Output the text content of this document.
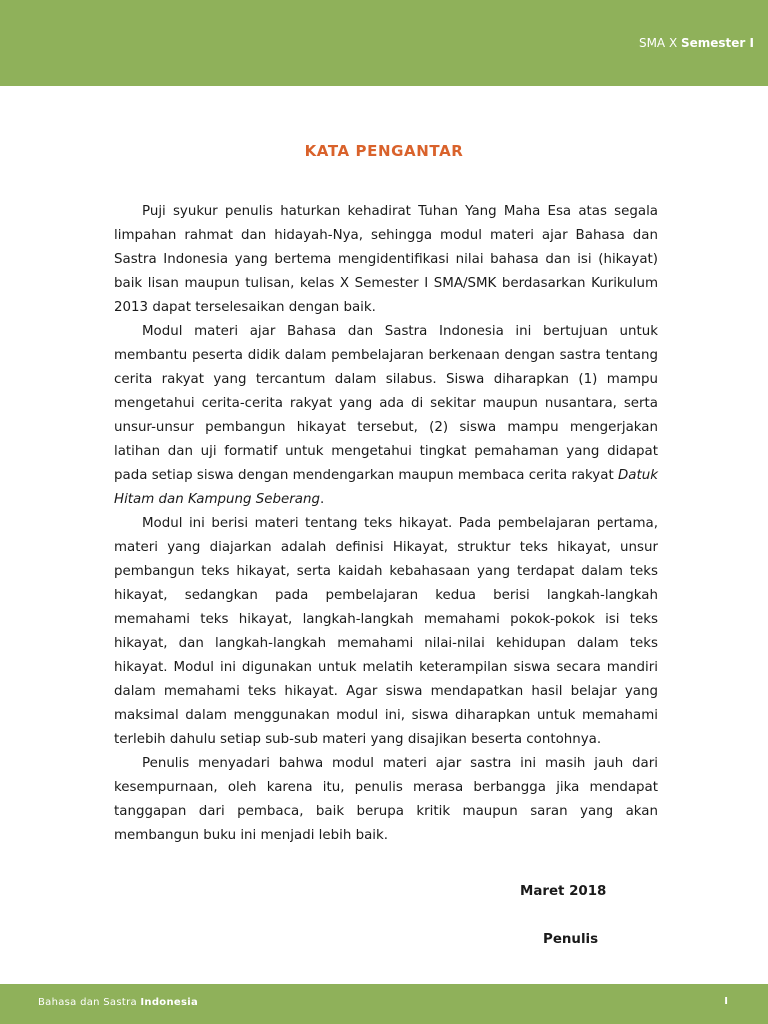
SMA X Semester I
KATA PENGANTAR

Puji syukur penulis haturkan kehadirat Tuhan Yang Maha Esa atas segala limpahan rahmat dan hidayah-Nya, sehingga modul materi ajar Bahasa dan Sastra Indonesia yang bertema mengidentifikasi nilai bahasa dan isi (hikayat) baik lisan maupun tulisan, kelas X Semester I SMA/SMK berdasarkan Kurikulum 2013 dapat terselesaikan dengan baik.

Modul materi ajar Bahasa dan Sastra Indonesia ini bertujuan untuk membantu peserta didik dalam pembelajaran berkenaan dengan sastra tentang cerita rakyat yang tercantum dalam silabus. Siswa diharapkan (1) mampu mengetahui cerita-cerita rakyat yang ada di sekitar maupun nusantara, serta unsur-unsur pembangun hikayat tersebut, (2) siswa mampu mengerjakan latihan dan uji formatif untuk mengetahui tingkat pemahaman yang didapat pada setiap siswa dengan mendengarkan maupun membaca cerita rakyat Datuk Hitam dan Kampung Seberang.

Modul ini berisi materi tentang teks hikayat. Pada pembelajaran pertama, materi yang diajarkan adalah definisi Hikayat, struktur teks hikayat, unsur pembangun teks hikayat, serta kaidah kebahasaan yang terdapat dalam teks hikayat, sedangkan pada pembelajaran kedua berisi langkah-langkah memahami teks hikayat, langkah-langkah memahami pokok-pokok isi teks hikayat, dan langkah-langkah memahami nilai-nilai kehidupan dalam teks hikayat. Modul ini digunakan untuk melatih keterampilan siswa secara mandiri dalam memahami teks hikayat. Agar siswa mendapatkan hasil belajar yang maksimal dalam menggunakan modul ini, siswa diharapkan untuk memahami terlebih dahulu setiap sub-sub materi yang disajikan beserta contohnya.

Penulis menyadari bahwa modul materi ajar sastra ini masih jauh dari kesempurnaan, oleh karena itu, penulis merasa berbangga jika mendapat tanggapan dari pembaca, baik berupa kritik maupun saran yang akan membangun buku ini menjadi lebih baik.

Maret 2018
Penulis
Bahasa dan Sastra Indonesia	I
